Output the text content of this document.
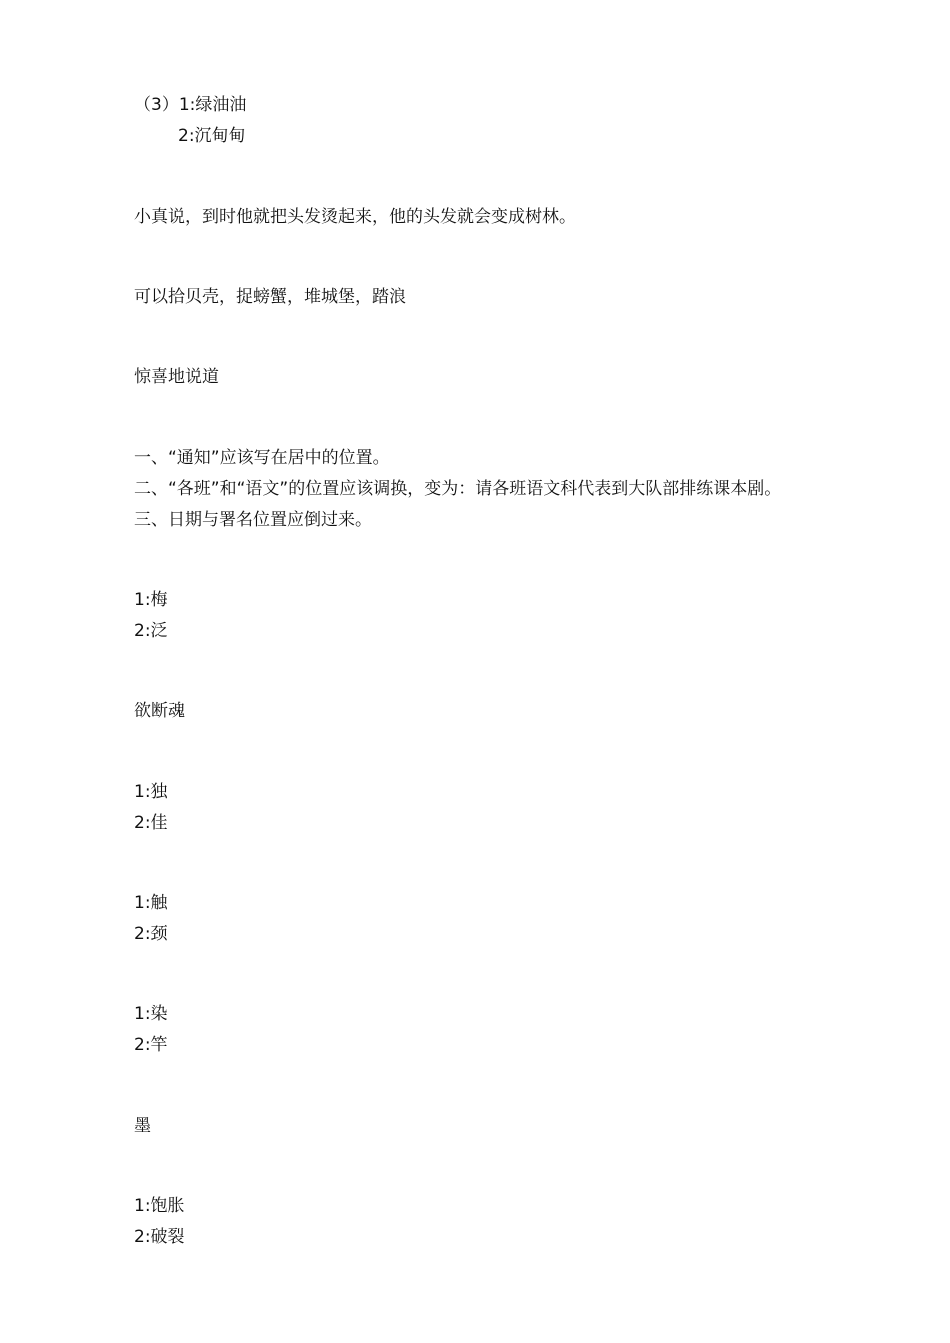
（3）1:绿油油
2:沉甸甸
小真说，到时他就把头发烫起来，他的头发就会变成树林。
可以拾贝壳，捉螃蟹，堆城堡，踏浪
惊喜地说道
一、“通知”应该写在居中的位置。
二、“各班”和“语文”的位置应该调换，变为：请各班语文科代表到大队部排练课本剧。
三、日期与署名位置应倒过来。
1:梅
2:泛
欲断魂
1:独
2:佳
1:触
2:颈
1:染
2:竿
墨
1:饱胀
2:破裂
